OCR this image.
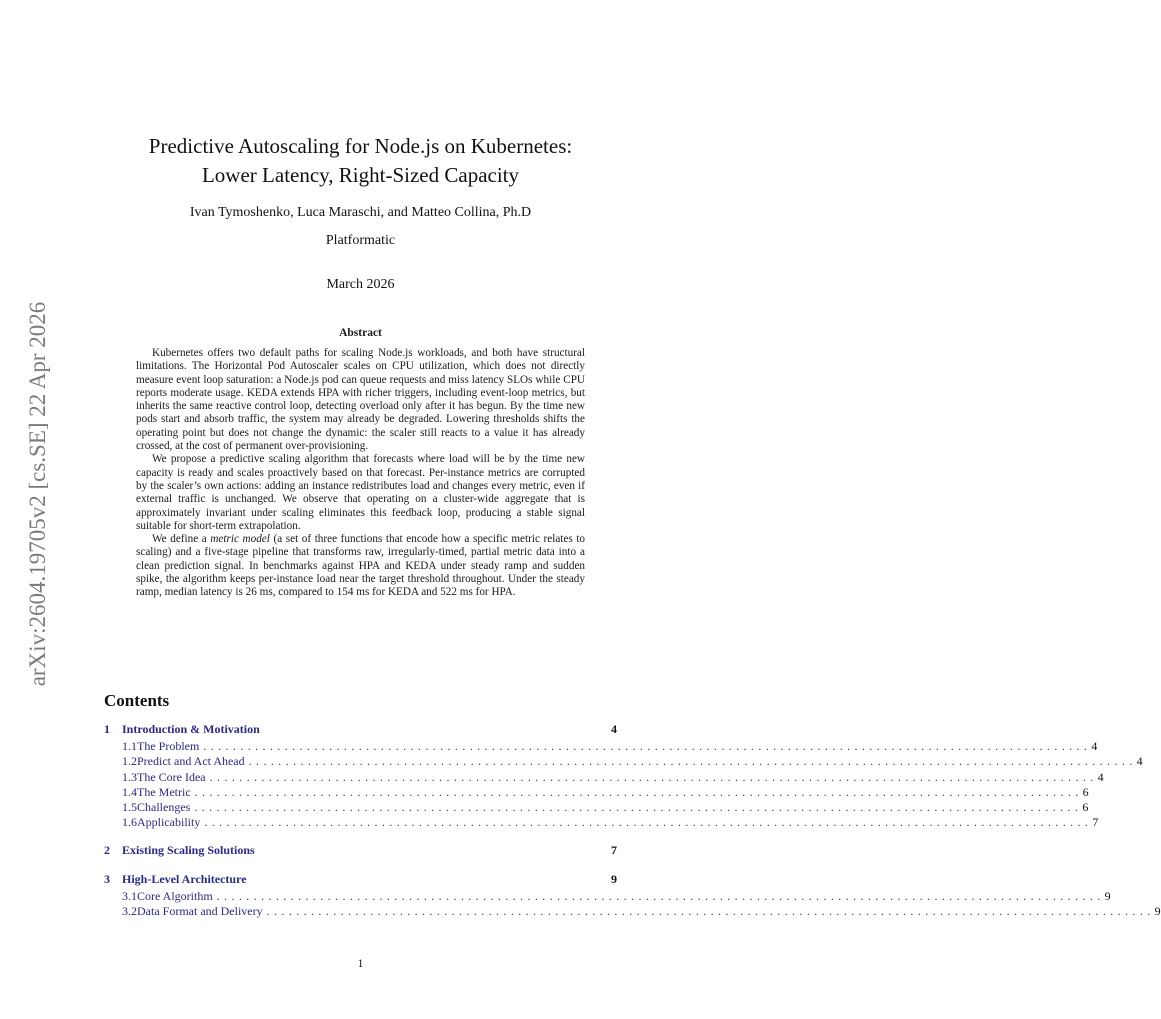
arXiv:2604.19705v2 [cs.SE] 22 Apr 2026
Predictive Autoscaling for Node.js on Kubernetes:
Lower Latency, Right-Sized Capacity
Ivan Tymoshenko, Luca Maraschi, and Matteo Collina, Ph.D
Platformatic
March 2026
Abstract

Kubernetes offers two default paths for scaling Node.js workloads, and both have structural limitations. The Horizontal Pod Autoscaler scales on CPU utilization, which does not directly measure event loop saturation: a Node.js pod can queue requests and miss latency SLOs while CPU reports moderate usage. KEDA extends HPA with richer triggers, including event-loop metrics, but inherits the same reactive control loop, detecting overload only after it has begun. By the time new pods start and absorb traffic, the system may already be degraded. Lowering thresholds shifts the operating point but does not change the dynamic: the scaler still reacts to a value it has already crossed, at the cost of permanent over-provisioning.

We propose a predictive scaling algorithm that forecasts where load will be by the time new capacity is ready and scales proactively based on that forecast. Per-instance metrics are corrupted by the scaler’s own actions: adding an instance redistributes load and changes every metric, even if external traffic is unchanged. We observe that operating on a cluster-wide aggregate that is approximately invariant under scaling eliminates this feedback loop, producing a stable signal suitable for short-term extrapolation.

We define a metric model (a set of three functions that encode how a specific metric relates to scaling) and a five-stage pipeline that transforms raw, irregularly-timed, partial metric data into a clean prediction signal. In benchmarks against HPA and KEDA under steady ramp and sudden spike, the algorithm keeps per-instance load near the target threshold throughout. Under the steady ramp, median latency is 26 ms, compared to 154 ms for KEDA and 522 ms for HPA.

Contents
1	Introduction & Motivation	4
1.1 The Problem ........................................................................................................................ 4
1.2 Predict and Act Ahead ........................................................................................................................ 4
1.3 The Core Idea ........................................................................................................................ 4
1.4 The Metric ........................................................................................................................ 6
1.5 Challenges ........................................................................................................................ 6
1.6 Applicability ........................................................................................................................ 7
2	Existing Scaling Solutions	7
3	High-Level Architecture	9
3.1 Core Algorithm ........................................................................................................................ 9
3.2 Data Format and Delivery ........................................................................................................................ 9
1
